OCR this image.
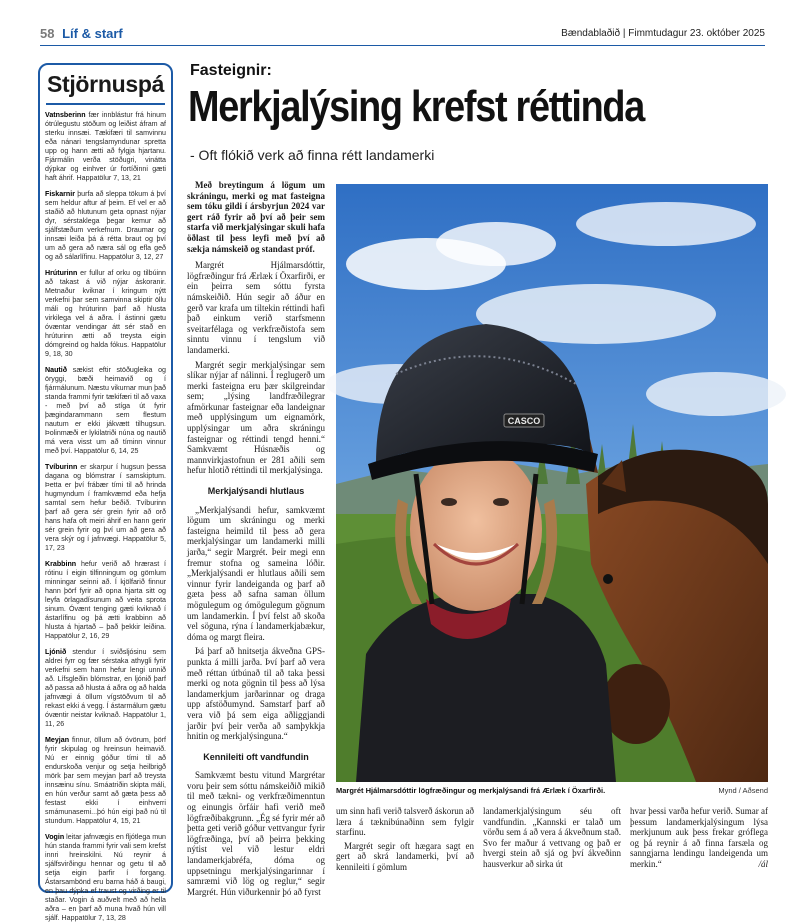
58 Líf & starf	Bændablaðið | Fimmtudagur 23. október 2025
Stjörnuspá
Vatnsberinn fær innblástur frá hinum ótrúlegustu stöðum og leiðist áfram af sterku innsæi. Tækifæri til samvinnu eða nánari tengslamyndunar spretta upp og hann ætti að fylgja hjartanu. Fjármálin verða stöðugri, vinátta dýpkar og einhver úr fortíðinni gæti haft áhrif. Happatölur 7, 13, 21
Fiskarnir þurfa að sleppa tökum á því sem heldur aftur af þeim. Ef vel er að staðið að hlutunum geta opnast nýjar dyr, sérstaklega þegar kemur að sjálfstæðum verkefnum. Draumar og innsæi leiða þá á rétta braut og því um að gera að næra sál og efla geð og að sálarlífinu. Happatölur 3, 12, 27
Hrúturinn er fullur af orku og tilbúinn að takast á við nýjar áskoranir. Metnaður kviknar í kringum nýtt verkefni þar sem samvinna skiptir öllu máli og hrúturinn þarf að hlusta virkilega vel á aðra. Í ástinni gætu óvæntar vendingar átt sér stað en hrúturinn ætti að treysta eigin dómgreind og halda fókus. Happatölur 9, 18, 30
Nautið sækist eftir stöðugleika og öryggi, bæði heimavið og í fjármálunum. Næstu vikurnar mun það standa frammi fyrir tækifæri til að vaxa - með því að stíga út fyrir þægindarammann sem flestum nautum er ekki jákvætt tilhugsun. Þolinmæði er lykilatriði núna og nautið má vera visst um að tíminn vinnur með því. Happatölur 6, 14, 25
Tvíburinn er skarpur í hugsun þessa dagana og blómstrar í samskiptum. Þetta er því frábær tími til að hrinda hugmyndum í framkvæmd eða hefja samtal sem hefur beðið. Tvíburinn þarf að gera sér grein fyrir að orð hans hafa oft meiri áhrif en hann gerir sér grein fyrir og því um að gera að vera skýr og í jafnvægi. Happatölur 5, 17, 23
Krabbinn hefur verið að hrærast í rótinu í eigin tilfinningum og gömlum minningar seinni að. Í kjölfarið finnur hann þörf fyrir að opna hjarta sitt og leyfa örlagadísunum að veita sprota sinum. Óvænt tenging gæti kviknað í ástarlífinu og þá ætti krabbinn að hlusta á hjartað – það þekkir leiðina. Happatölur 2, 16, 29
Ljónið stendur í sviðsljósinu sem aldrei fyrr og fær sérstaka athygli fyrir verkefni sem hann hefur lengi unnið að. Lífsgleðin blómstrar, en ljónið þarf að passa að hlusta á aðra og að halda jafnvægi á öllum vígstöðvum til að rekast ekki á vegg. Í ástarmálum gætu óvæntir neistar kviknað. Happatölur 1, 11, 26
Meyjan finnur, öllum að óvörum, þörf fyrir skipulag og hreinsun heimavið. Nú er einnig góður tími til að endurskoða venjur og setja heilbrigð mörk þar sem meyjan þarf að treysta innsæinu sínu. Smáatriðin skipta máli, en hún verður samt að gæta þess að festast ekki í einhverri smámunasemi...þó hún eigi það nú til stundum. Happatölur 4, 15, 21
Vogin leitar jafnvægis en fljótlega mun hún standa frammi fyrir vali sem krefst innri hreinskilni. Nú reynir á sjálfsvirðingu hennar og getu til að setja eigin þarfir í forgang. Ástarsambönd eru barna háð á baugi, en þau dýpka ef traust og virðing er til staðar. Vogin á auðvelt með að hella aðra – en þarf að muna hvað hún vill sjálf. Happatölur 7, 13, 28
Fasteignir:
Merkjalýsing krefst réttinda
- Oft flókið verk að finna rétt landamerki

Með breytingum á lögum um skráningu, merki og mat fasteigna sem tóku gildi í ársbyrjun 2024 var gert ráð fyrir að því að þeir sem starfa við merkjalýsingar skuli hafa öðlast til þess leyfi með því að sækja námskeið og standast próf.

Margrét Hjálmarsdóttir, lögfræðingur frá Ærlæk í Öxarfirði, er ein þeirra sem sóttu fyrsta námskeiðið. Hún segir að áður en gerð var krafa um tiltekin réttindi hafi það einkum verið starfsmenn sveitarfélaga og verkfræðistofa sem sinntu vinnu í tengslum við landamerki.

Margrét segir merkjalýsingar sem slíkar nýjar af nálinni. Í reglugerð um merki fasteigna eru þær skilgreindar sem; „lýsing landfræðilegrar afmörkunar fasteignar eða landeignar með upplýsingum um eignamörk, upplýsingar um aðra skráningu fasteignar og réttindi tengd henni.“ Samkvæmt Húsnæðis og mannvirkjastofnun er 281 aðili sem hefur hlotið réttindi til merkjalýsinga.

Merkjalýsandi hlutlaus

„Merkjalýsandi hefur, samkvæmt lögum um skráningu og merki fasteigna heimild til þess að gera merkjalýsingar um landamerki milli jarða,“ segir Margrét. Þeir megi enn fremur stofna og sameina lóðir. „Merkjalýsandi er hlutlaus aðili sem vinnur fyrir landeiganda og þarf að gæta þess að safna saman öllum mögulegum og ómögulegum gögnum um landamerkin. Í því felst að skoða vel söguna, rýna í landamerkjabækur, dóma og margt fleira.

Þá þarf að hnitsetja ákveðna GPS-punkta á milli jarða. Því þarf að vera með réttan útbúnað til að taka þessi merki og nota gögnin til þess að lýsa landamerkjum jarðarinnar og draga upp afstöðumynd. Samstarf þarf að vera við þá sem eiga aðliggjandi jarðir því þeir verða að samþykkja hnitin og merkjalýsinguna.“

Kennileiti oft vandfundin

Samkvæmt bestu vitund Margrétar voru þeir sem sóttu námskeiðið mikið til með tækni- og verkfræðimenntun og einungis örfáir hafi verið með lögfræðibakgrunn. „Ég sé fyrir mér að þetta geti verið góður vettvangur fyrir lögfræðinga, því að þeirra þekking nýtist vel við lestur eldri landamerkjabréfa, dóma og uppsetningu merkjalýsingarinnar í samræmi við lög og reglur,“ segir Margrét. Hún viðurkennir þó að fyrst

CASCO
Margrét Hjálmarsdóttir lögfræðingur og merkjalýsandi frá Ærlæk í Öxarfirði.	Mynd / Aðsend

um sinn hafi verið talsverð áskorun að læra á tæknibúnaðinn sem fylgir starfinu.

Margrét segir oft hægara sagt en gert að skrá landamerki, því að kennileiti í gömlum

landamerkjalýsingum séu oft vandfundin. „Kannski er talað um vörðu sem á að vera á ákveðnum stað. Svo fer maður á vettvang og það er hvergi stein að sjá og því ákveðinn hausverkur að sirka út

hvar þessi varða hefur verið. Sumar af þessum landamerkjalýsingum lýsa merkjunum auk þess frekar gróflega og þá reynir á að finna farsæla og sanngjarna lendingu landeigenda um merkin.“	/ál
